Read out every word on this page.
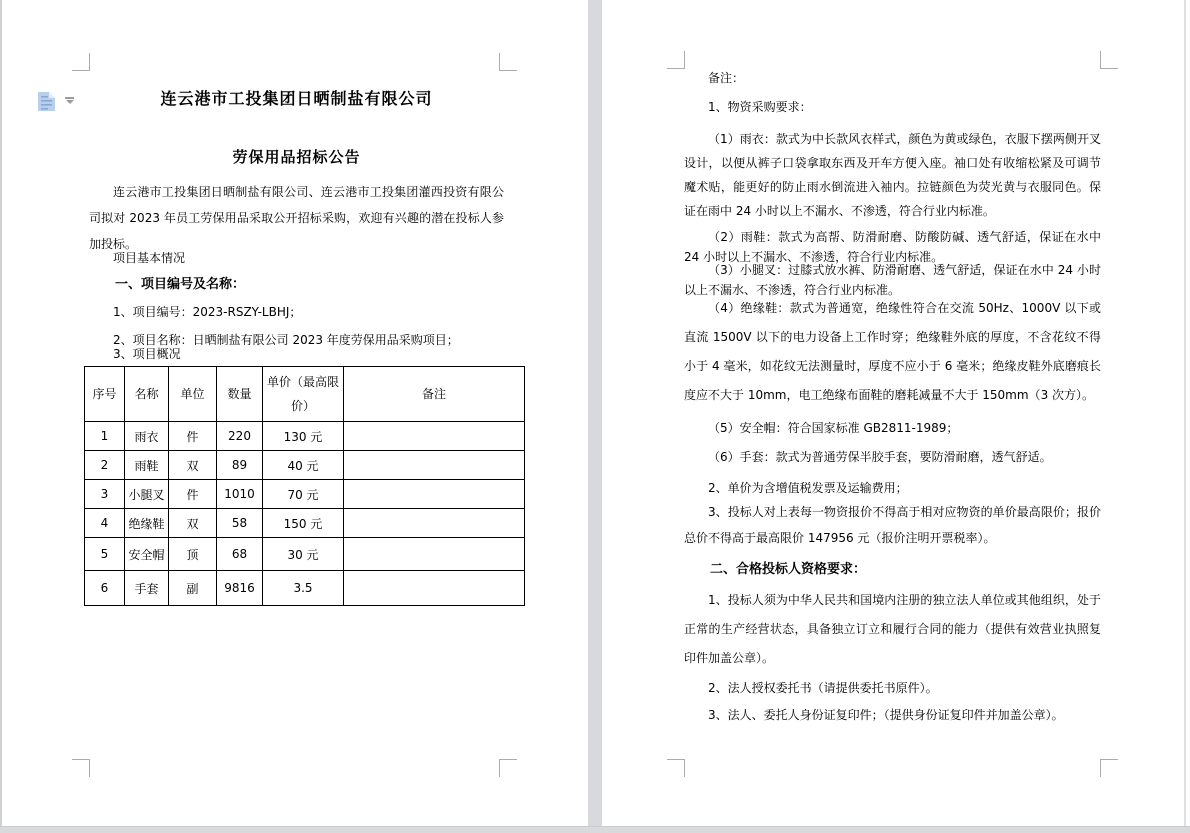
连云港市工投集团日晒制盐有限公司
劳保用品招标公告
连云港市工投集团日晒制盐有限公司、连云港市工投集团灌西投资有限公司拟对 2023 年员工劳保用品采取公开招标采购，欢迎有兴趣的潜在投标人参加投标。
项目基本情况
一、项目编号及名称：
1、项目编号：2023-RSZY-LBHJ；
2、项目名称：日晒制盐有限公司 2023 年度劳保用品采购项目；
3、项目概况
序号	名称	单位	数量	单价（最高限价）	备注
1	雨衣	件	220	130 元	
2	雨鞋	双	89	40 元	
3	小腿叉	件	1010	70 元	
4	绝缘鞋	双	58	150 元	
5	安全帽	顶	68	30 元	
6	手套	副	9816	3.5	
备注：
1、物资采购要求：
（1）雨衣：款式为中长款风衣样式，颜色为黄或绿色，衣服下摆两侧开叉设计，以便从裤子口袋拿取东西及开车方便入座。袖口处有收缩松紧及可调节魔术贴，能更好的防止雨水倒流进入袖内。拉链颜色为荧光黄与衣服同色。保证在雨中 24 小时以上不漏水、不渗透，符合行业内标准。
（2）雨鞋：款式为高帮、防滑耐磨、防酸防碱、透气舒适，保证在水中 24 小时以上不漏水、不渗透，符合行业内标准。
（3）小腿叉：过膝式放水裤、防滑耐磨、透气舒适，保证在水中 24 小时以上不漏水、不渗透，符合行业内标准。
（4）绝缘鞋：款式为普通宽，绝缘性符合在交流 50Hz、1000V 以下或直流 1500V 以下的电力设备上工作时穿；绝缘鞋外底的厚度，不含花纹不得小于 4 毫米，如花纹无法测量时，厚度不应小于 6 毫米；绝缘皮鞋外底磨痕长度应不大于 10mm，电工绝缘布面鞋的磨耗减量不大于 150mm（3 次方）。
（5）安全帽：符合国家标准 GB2811-1989；
（6）手套：款式为普通劳保半胶手套，要防滑耐磨，透气舒适。
2、单价为含增值税发票及运输费用；
3、投标人对上表每一物资报价不得高于相对应物资的单价最高限价；报价总价不得高于最高限价 147956 元（报价注明开票税率）。
二、合格投标人资格要求：
1、投标人须为中华人民共和国境内注册的独立法人单位或其他组织，处于正常的生产经营状态，具备独立订立和履行合同的能力（提供有效营业执照复印件加盖公章）。
2、法人授权委托书（请提供委托书原件）。
3、法人、委托人身份证复印件；（提供身份证复印件并加盖公章）。
